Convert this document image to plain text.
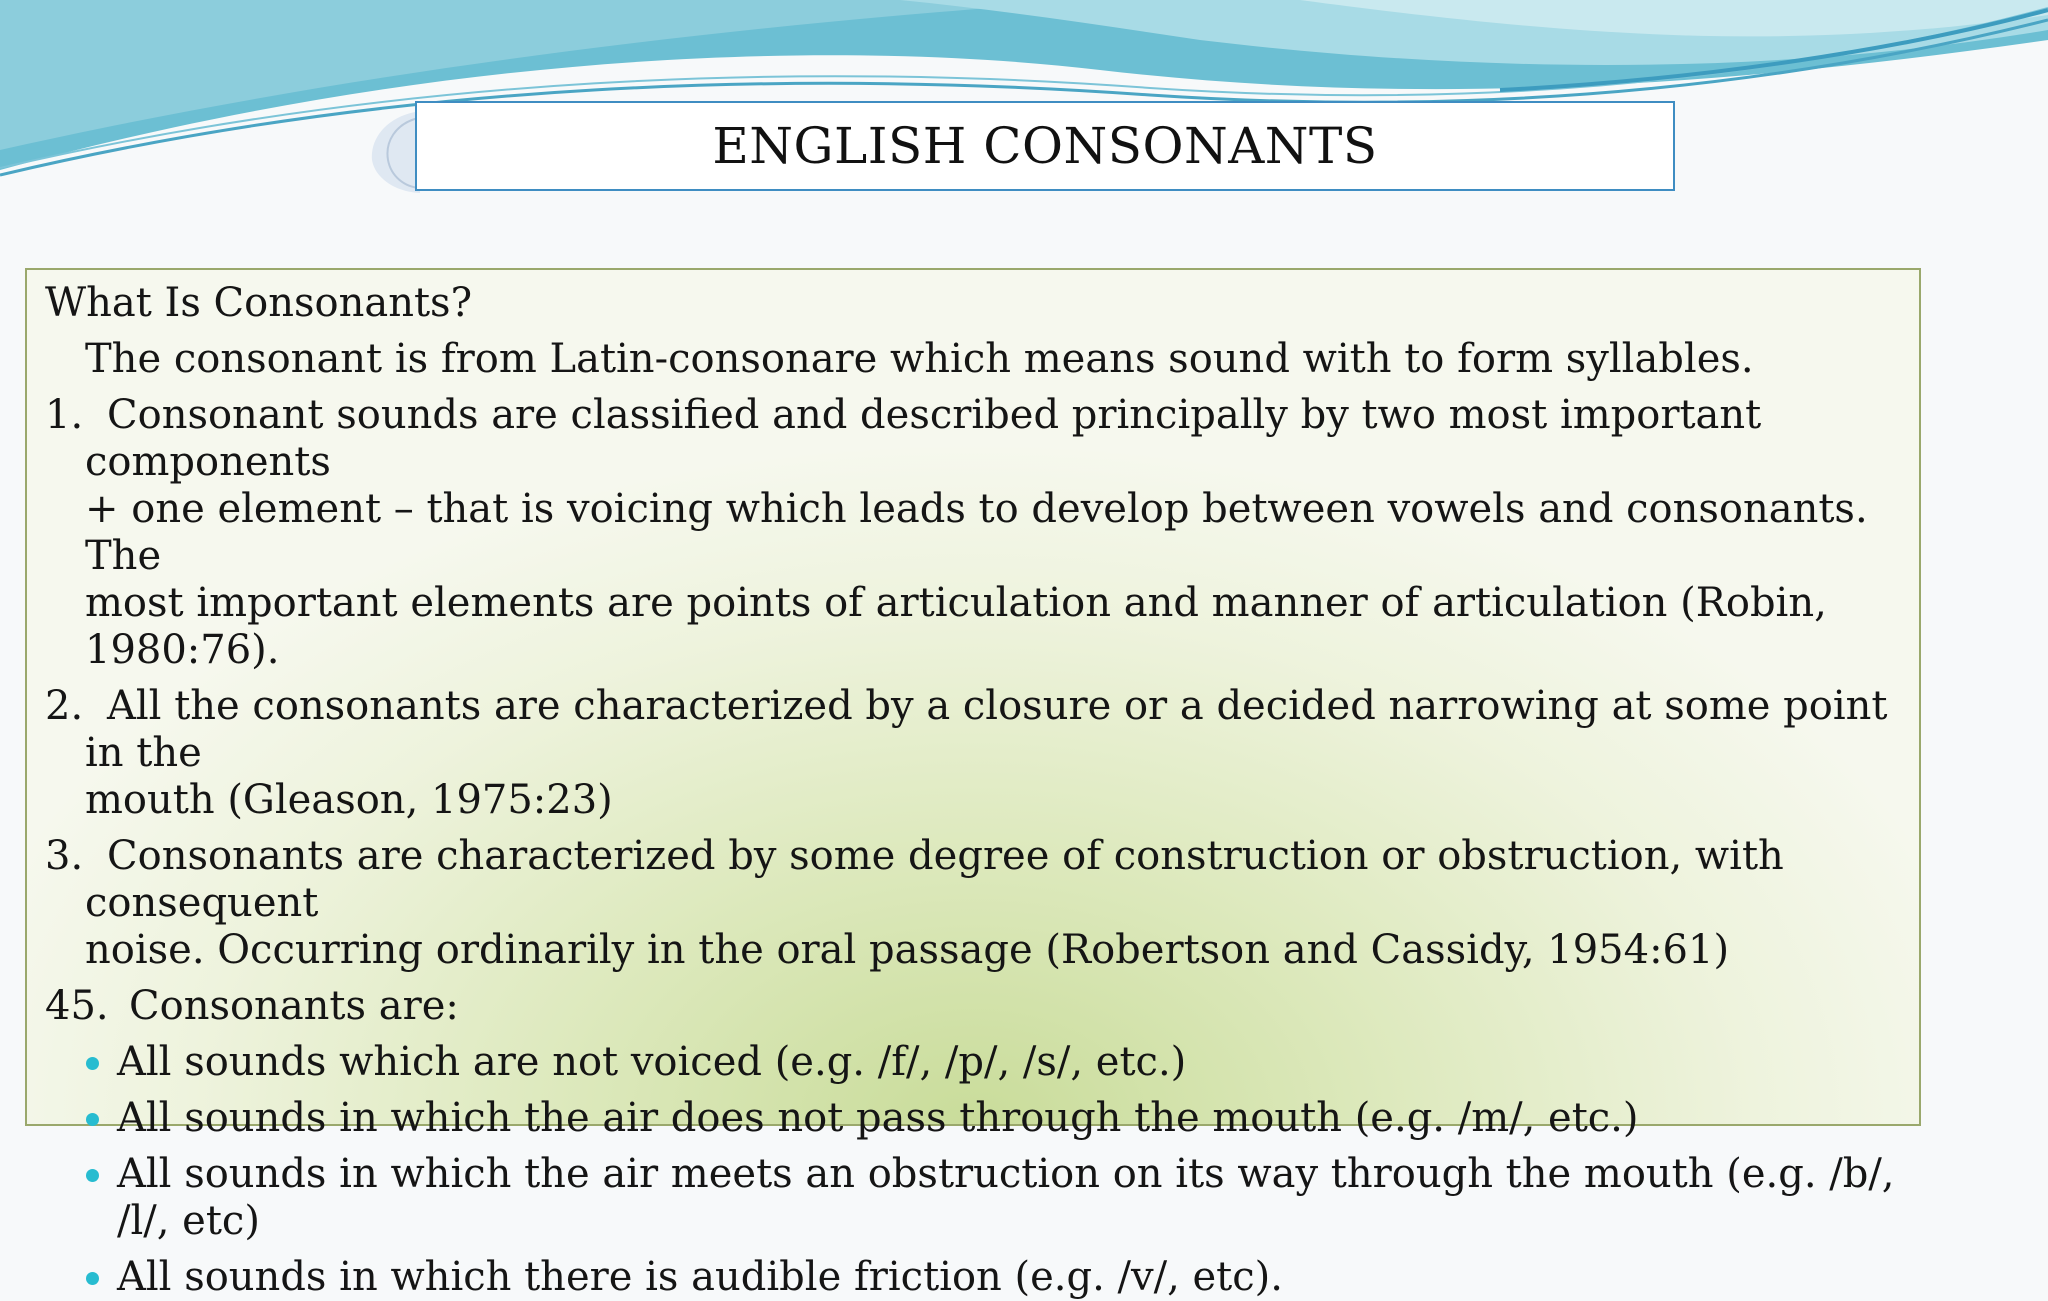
ENGLISH CONSONANTS

What Is Consonants?

The consonant is from Latin-consonare which means sound with to form syllables.

1. Consonant sounds are classified and described principally by two most important components
+ one element – that is voicing which leads to develop between vowels and consonants. The
most important elements are points of articulation and manner of articulation (Robin, 1980:76).
2. All the consonants are characterized by a closure or a decided narrowing at some point in the
mouth (Gleason, 1975:23)
3. Consonants are characterized by some degree of construction or obstruction, with consequent
noise. Occurring ordinarily in the oral passage (Robertson and Cassidy, 1954:61)
45. Consonants are:
All sounds which are not voiced (e.g. /f/, /p/, /s/, etc.)
All sounds in which the air does not pass through the mouth (e.g. /m/, etc.)
All sounds in which the air meets an obstruction on its way through the mouth (e.g. /b/, /l/, etc)
All sounds in which there is audible friction (e.g. /v/, etc).
